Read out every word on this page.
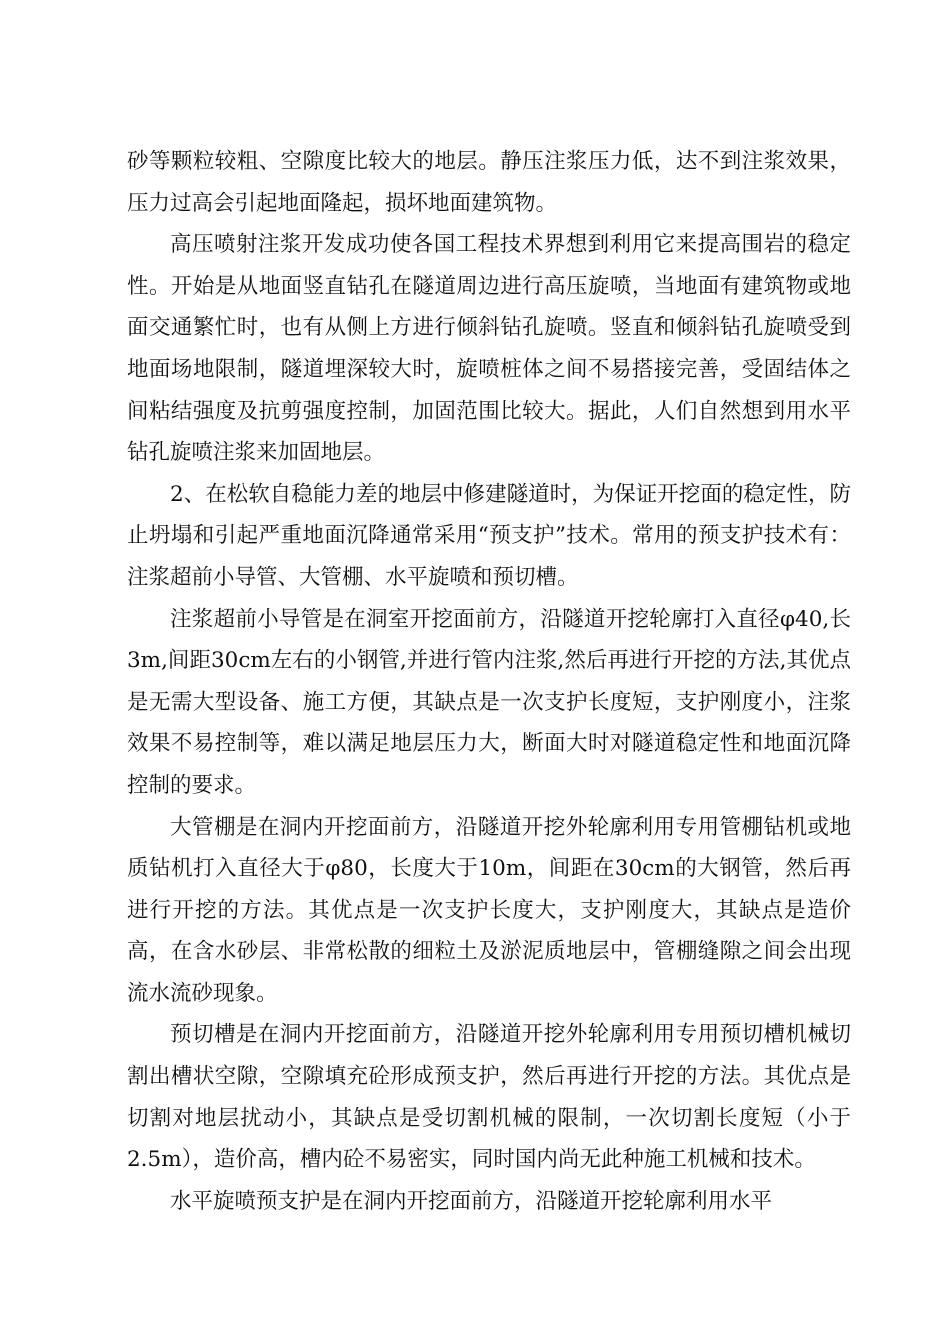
砂等颗粒较粗、空隙度比较大的地层。静压注浆压力低，达不到注浆效果，压力过高会引起地面隆起，损坏地面建筑物。

高压喷射注浆开发成功使各国工程技术界想到利用它来提高围岩的稳定性。开始是从地面竖直钻孔在隧道周边进行高压旋喷，当地面有建筑物或地面交通繁忙时，也有从侧上方进行倾斜钻孔旋喷。竖直和倾斜钻孔旋喷受到地面场地限制，隧道埋深较大时，旋喷桩体之间不易搭接完善，受固结体之间粘结强度及抗剪强度控制，加固范围比较大。据此，人们自然想到用水平钻孔旋喷注浆来加固地层。

2、在松软自稳能力差的地层中修建隧道时，为保证开挖面的稳定性，防止坍塌和引起严重地面沉降通常采用“预支护”技术。常用的预支护技术有：注浆超前小导管、大管棚、水平旋喷和预切槽。

注浆超前小导管是在洞室开挖面前方，沿隧道开挖轮廓打入直径φ40,长3m,间距30cm左右的小钢管,并进行管内注浆,然后再进行开挖的方法,其优点是无需大型设备、施工方便，其缺点是一次支护长度短，支护刚度小，注浆效果不易控制等，难以满足地层压力大，断面大时对隧道稳定性和地面沉降控制的要求。

大管棚是在洞内开挖面前方，沿隧道开挖外轮廓利用专用管棚钻机或地质钻机打入直径大于φ80，长度大于10m，间距在30cm的大钢管，然后再进行开挖的方法。其优点是一次支护长度大，支护刚度大，其缺点是造价高，在含水砂层、非常松散的细粒土及淤泥质地层中，管棚缝隙之间会出现流水流砂现象。

预切槽是在洞内开挖面前方，沿隧道开挖外轮廓利用专用预切槽机械切割出槽状空隙，空隙填充砼形成预支护，然后再进行开挖的方法。其优点是切割对地层扰动小，其缺点是受切割机械的限制，一次切割长度短（小于2.5m），造价高，槽内砼不易密实，同时国内尚无此种施工机械和技术。

水平旋喷预支护是在洞内开挖面前方，沿隧道开挖轮廓利用水平
